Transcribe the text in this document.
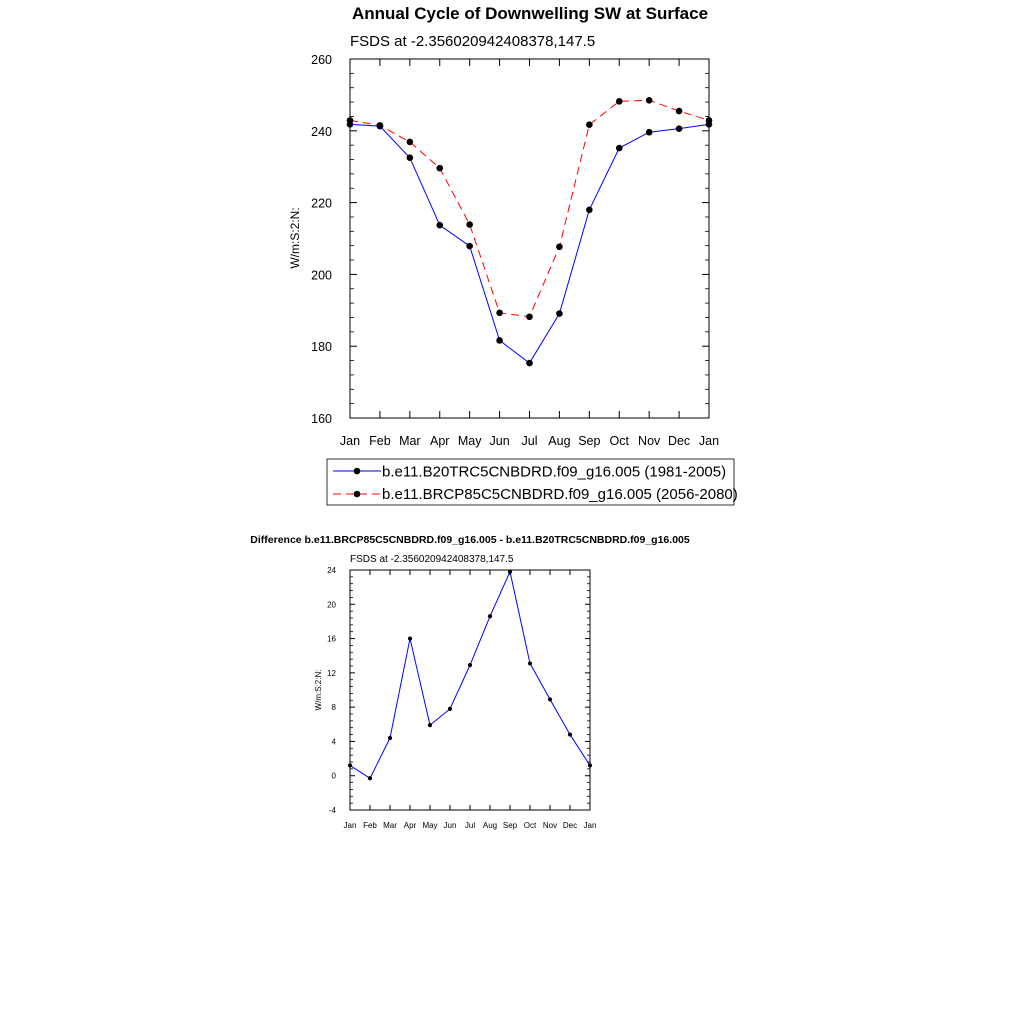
Annual Cycle of Downwelling SW at Surface
FSDS at -2.356020942408378,147.5
W/m:S:2:N:
160
180
200
220
240
260
Jan Feb Mar Apr May Jun Jul Aug Sep Oct Nov Dec Jan
b.e11.B20TRC5CNBDRD.f09_g16.005 (1981-2005)
b.e11.BRCP85C5CNBDRD.f09_g16.005 (2056-2080)
Difference b.e11.BRCP85C5CNBDRD.f09_g16.005 - b.e11.B20TRC5CNBDRD.f09_g16.005
FSDS at -2.356020942408378,147.5
W/m:S:2:N:
-4
0
4
8
12
16
20
24
Jan Feb Mar Apr May Jun Jul Aug Sep Oct Nov Dec Jan
